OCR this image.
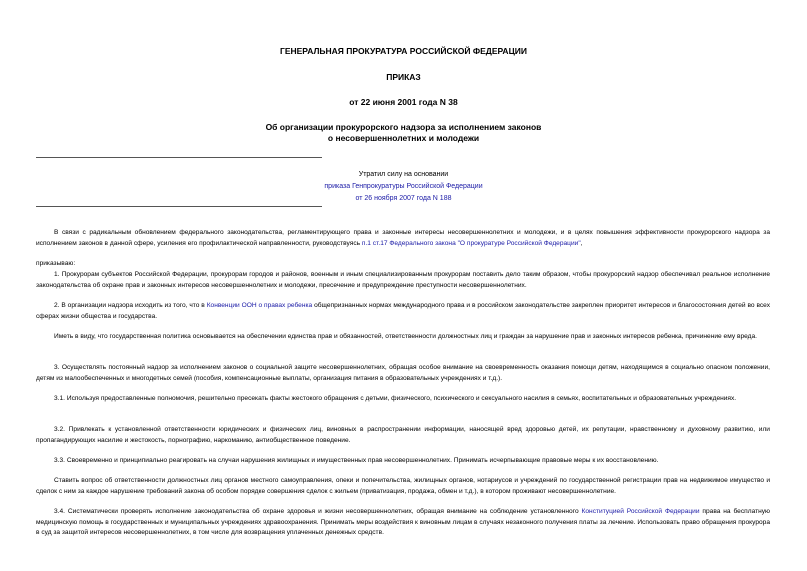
ГЕНЕРАЛЬНАЯ ПРОКУРАТУРА РОССИЙСКОЙ ФЕДЕРАЦИИ

ПРИКАЗ

от 22 июня 2001 года N 38

Об организации прокурорского надзора за исполнением законов

о несовершеннолетних и молодежи

Утратил силу на основании
приказа Генпрокуратуры Российской Федерации
от 26 ноября 2007 года N 188

В связи с радикальным обновлением федерального законодательства, регламентирующего права и законные интересы несовершеннолетних и молодежи, и в целях повышения эффективности прокурорского надзора за исполнением законов в данной сфере, усиления его профилактической направленности, руководствуясь п.1 ст.17 Федерального закона "О прокуратуре Российской Федерации",

приказываю:

1. Прокурорам субъектов Российской Федерации, прокурорам городов и районов, военным и иным специализированным прокурорам поставить дело таким образом, чтобы прокурорский надзор обеспечивал реальное исполнение законодательства об охране прав и законных интересов несовершеннолетних и молодежи, пресечение и предупреждение преступности несовершеннолетних.

2. В организации надзора исходить из того, что в Конвенции ООН о правах ребенка общепризнанных нормах международного права и в российском законодательстве закреплен приоритет интересов и благосостояния детей во всех сферах жизни общества и государства.

Иметь в виду, что государственная политика основывается на обеспечении единства прав и обязанностей, ответственности должностных лиц и граждан за нарушение прав и законных интересов ребенка, причинение ему вреда.

3. Осуществлять постоянный надзор за исполнением законов о социальной защите несовершеннолетних, обращая особое внимание на своевременность оказания помощи детям, находящимся в социально опасном положении, детям из малообеспеченных и многодетных семей (пособия, компенсационные выплаты, организация питания в образовательных учреждениях и т.д.).

3.1. Используя предоставленные полномочия, решительно пресекать факты жестокого обращения с детьми, физического, психического и сексуального насилия в семьях, воспитательных и образовательных учреждениях.

3.2. Привлекать к установленной ответственности юридических и физических лиц, виновных в распространении информации, наносящей вред здоровью детей, их репутации, нравственному и духовному развитию, или пропагандирующих насилие и жестокость, порнографию, наркоманию, антиобщественное поведение.

3.3. Своевременно и принципиально реагировать на случаи нарушения жилищных и имущественных прав несовершеннолетних. Принимать исчерпывающие правовые меры к их восстановлению.

Ставить вопрос об ответственности должностных лиц органов местного самоуправления, опеки и попечительства, жилищных органов, нотариусов и учреждений по государственной регистрации прав на недвижимое имущество и сделок с ним за каждое нарушение требований закона об особом порядке совершения сделок с жильем (приватизация, продажа, обмен и т.д.), в котором проживают несовершеннолетние.

3.4. Систематически проверять исполнение законодательства об охране здоровья и жизни несовершеннолетних, обращая внимание на соблюдение установленного Конституцией Российской Федерации права на бесплатную медицинскую помощь в государственных и муниципальных учреждениях здравоохранения. Принимать меры воздействия к виновным лицам в случаях незаконного получения платы за лечение. Использовать право обращения прокурора в суд за защитой интересов несовершеннолетних, в том числе для возвращения уплаченных денежных средств.
